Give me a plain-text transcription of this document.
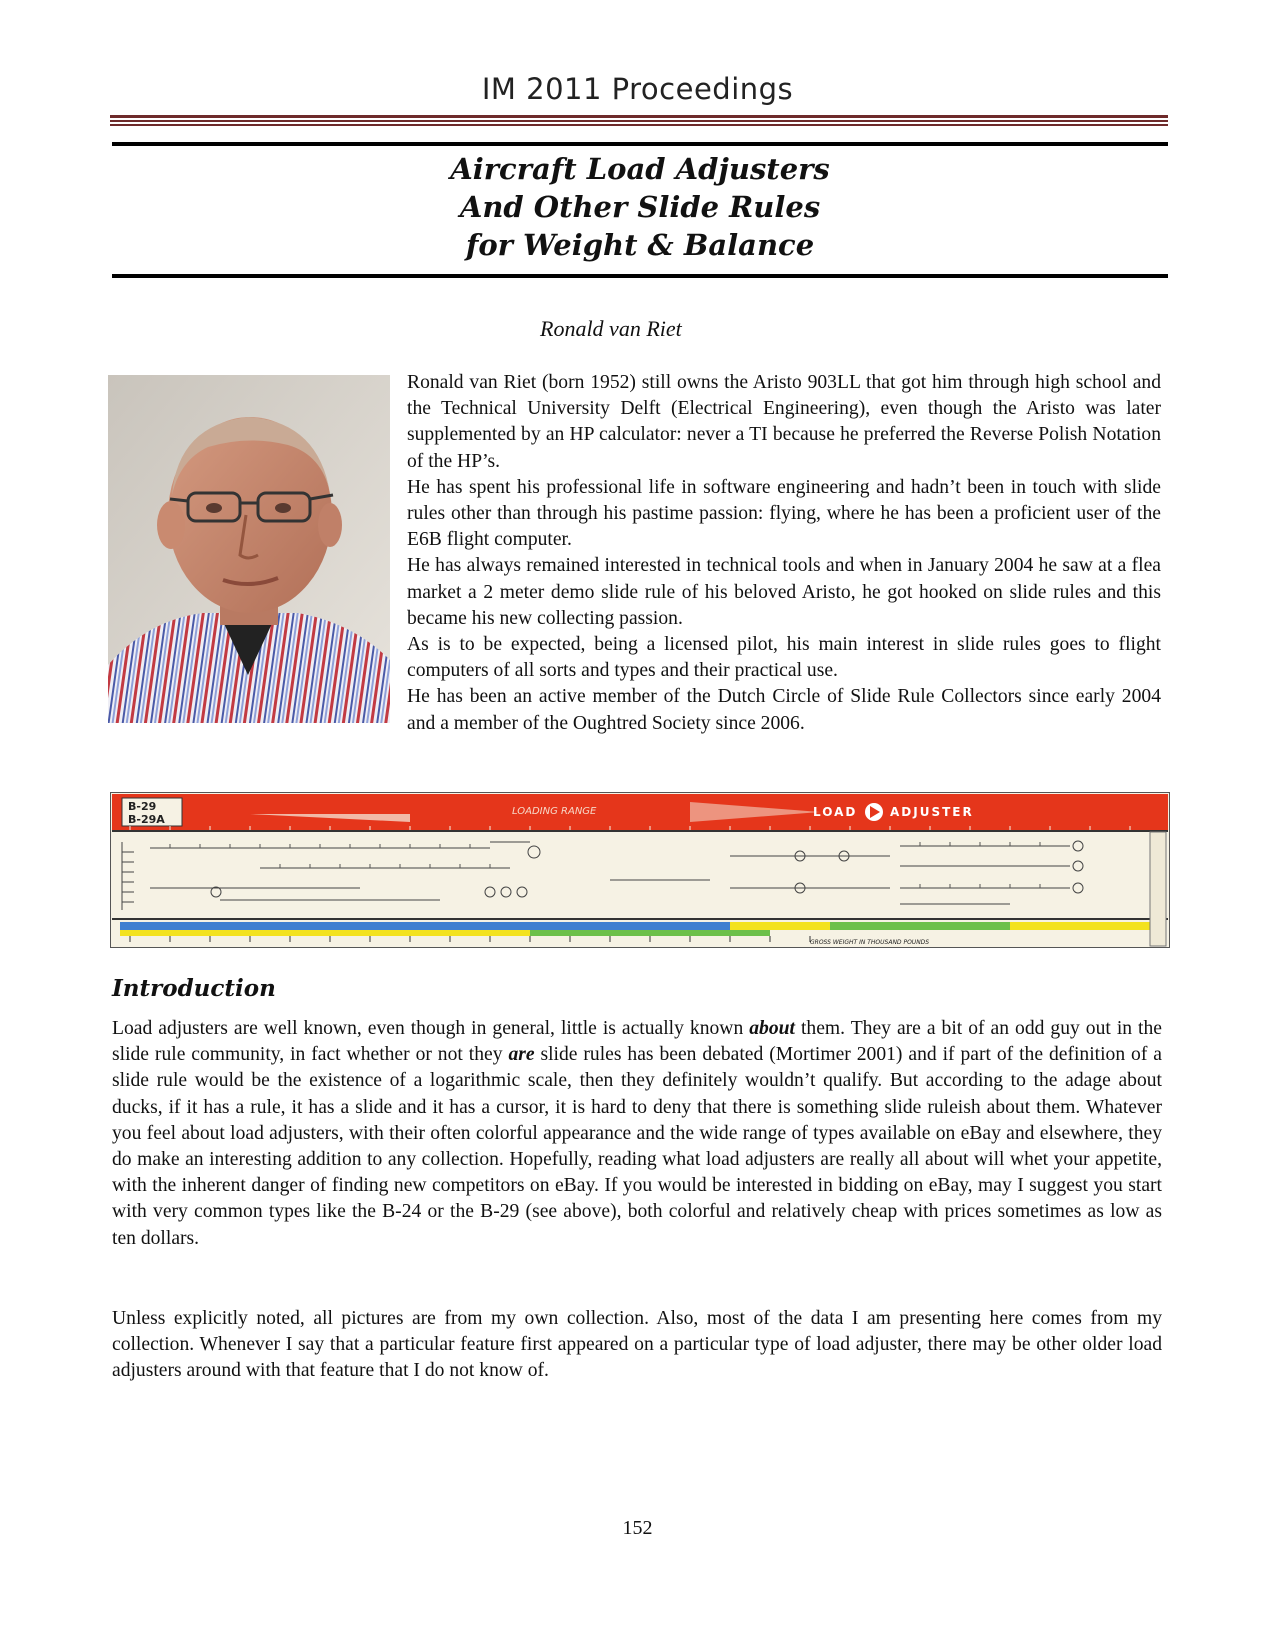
IM 2011 Proceedings
Aircraft Load Adjusters
And Other Slide Rules
for Weight & Balance
Ronald van Riet

Ronald van Riet (born 1952) still owns the Aristo 903LL that got him through high school and the Technical University Delft (Electrical Engineering), even though the Aristo was later supplemented by an HP calculator: never a TI because he preferred the Reverse Polish Notation of the HP’s.

He has spent his professional life in software engineering and hadn’t been in touch with slide rules other than through his pastime passion: flying, where he has been a proficient user of the E6B flight computer.

He has always remained interested in technical tools and when in January 2004 he saw at a flea market a 2 meter demo slide rule of his beloved Aristo, he got hooked on slide rules and this became his new collecting passion.

As is to be expected, being a licensed pilot, his main interest in slide rules goes to flight computers of all sorts and types and their practical use.

He has been an active member of the Dutch Circle of Slide Rule Collectors since early 2004 and a member of the Oughtred Society since 2006.

B-29
B-29A
LOADING RANGE	LOAD	ADJUSTER
GROSS WEIGHT IN THOUSAND POUNDS
Introduction

Load adjusters are well known, even though in general, little is actually known about them. They are a bit of an odd guy out in the slide rule community, in fact whether or not they are slide rules has been debated (Mortimer 2001) and if part of the definition of a slide rule would be the existence of a logarithmic scale, then they definitely wouldn’t qualify. But according to the adage about ducks, if it has a rule, it has a slide and it has a cursor, it is hard to deny that there is something slide ruleish about them. Whatever you feel about load adjusters, with their often colorful appearance and the wide range of types available on eBay and elsewhere, they do make an interesting addition to any collection. Hopefully, reading what load adjusters are really all about will whet your appetite, with the inherent danger of finding new competitors on eBay. If you would be interested in bidding on eBay, may I suggest you start with very common types like the B-24 or the B-29 (see above), both colorful and relatively cheap with prices sometimes as low as ten dollars.

Unless explicitly noted, all pictures are from my own collection. Also, most of the data I am presenting here comes from my collection. Whenever I say that a particular feature first appeared on a particular type of load adjuster, there may be other older load adjusters around with that feature that I do not know of.

152
